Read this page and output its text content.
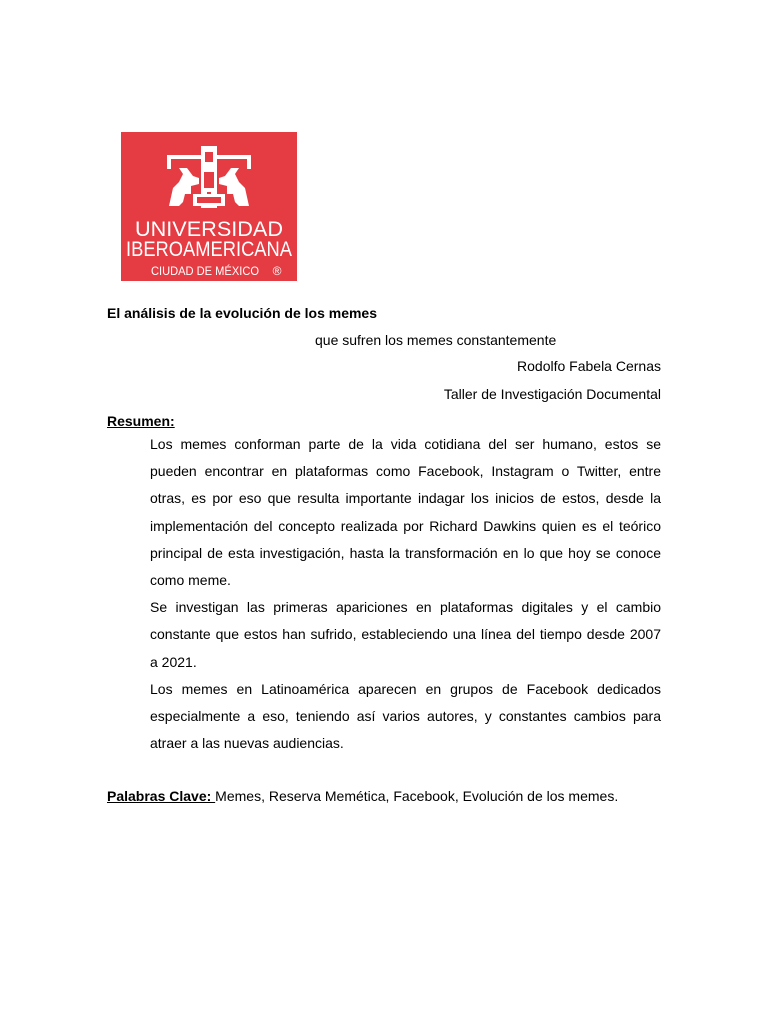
UNIVERSIDAD
IBEROAMERICANA
CIUDAD DE MÉXICO ®
El análisis de la evolución de los memes
que sufren los memes constantemente
Rodolfo Fabela Cernas
Taller de Investigación Documental
Resumen:

Los memes conforman parte de la vida cotidiana del ser humano, estos se pueden encontrar en plataformas como Facebook, Instagram o Twitter, entre otras, es por eso que resulta importante indagar los inicios de estos, desde la implementación del concepto realizada por Richard Dawkins quien es el teórico principal de esta investigación, hasta la transformación en lo que hoy se conoce como meme.

Se investigan las primeras apariciones en plataformas digitales y el cambio constante que estos han sufrido, estableciendo una línea del tiempo desde 2007 a 2021.

Los memes en Latinoamérica aparecen en grupos de Facebook dedicados especialmente a eso, teniendo así varios autores, y constantes cambios para atraer a las nuevas audiencias.

Palabras Clave: Memes, Reserva Memética, Facebook, Evolución de los memes.
